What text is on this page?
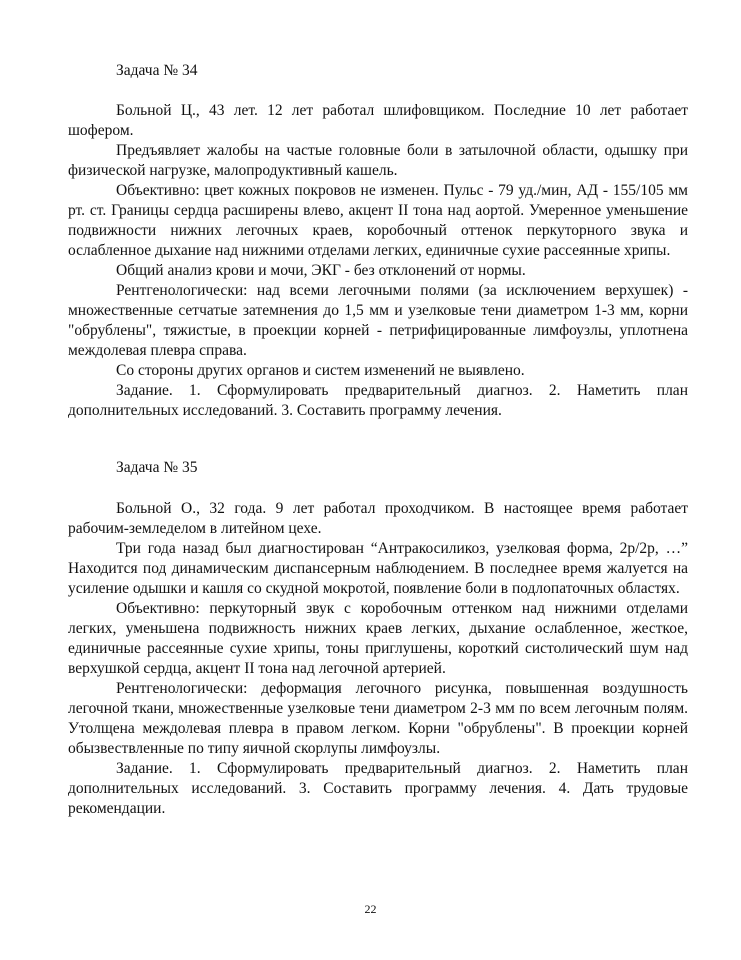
Задача № 34

Больной Ц., 43 лет. 12 лет работал шлифовщиком. Последние 10 лет работает шофером.

Предъявляет жалобы на частые головные боли в затылочной области, одышку при физической нагрузке, малопродуктивный кашель.

Объективно: цвет кожных покровов не изменен. Пульс - 79 уд./мин, АД - 155/105 мм рт. ст. Границы сердца расширены влево, акцент II тона над аортой. Умеренное уменьшение подвижности нижних легочных краев, коробочный оттенок перкуторного звука и ослабленное дыхание над нижними отделами легких, единичные сухие рассеянные хрипы.

Общий анализ крови и мочи, ЭКГ - без отклонений от нормы.

Рентгенологически: над всеми легочными полями (за исключением верхушек) - множественные сетчатые затемнения до 1,5 мм и узелковые тени диаметром 1-3 мм, корни "обрублены", тяжистые, в проекции корней - петрифицированные лимфоузлы, уплотнена междолевая плевра справа.

Со стороны других органов и систем изменений не выявлено.

Задание. 1. Сформулировать предварительный диагноз. 2. Наметить план дополнительных исследований. 3. Составить программу лечения.

Задача № 35

Больной О., 32 года. 9 лет работал проходчиком. В настоящее время работает рабочим-земледелом в литейном цехе.

Три года назад был диагностирован “Антракосиликоз, узелковая форма, 2р/2р, …” Находится под динамическим диспансерным наблюдением. В последнее время жалуется на усиление одышки и кашля со скудной мокротой, появление боли в подлопаточных областях.

Объективно: перкуторный звук с коробочным оттенком над нижними отделами легких, уменьшена подвижность нижних краев легких, дыхание ослабленное, жесткое, единичные рассеянные сухие хрипы, тоны приглушены, короткий систолический шум над верхушкой сердца, акцент II тона над легочной артерией.

Рентгенологически: деформация легочного рисунка, повышенная воздушность легочной ткани, множественные узелковые тени диаметром 2-3 мм по всем легочным полям. Утолщена междолевая плевра в правом легком. Корни "обрублены". В проекции корней обызвествленные по типу яичной скорлупы лимфоузлы.

Задание. 1. Сформулировать предварительный диагноз. 2. Наметить план дополнительных исследований. 3. Составить программу лечения. 4. Дать трудовые рекомендации.

22
